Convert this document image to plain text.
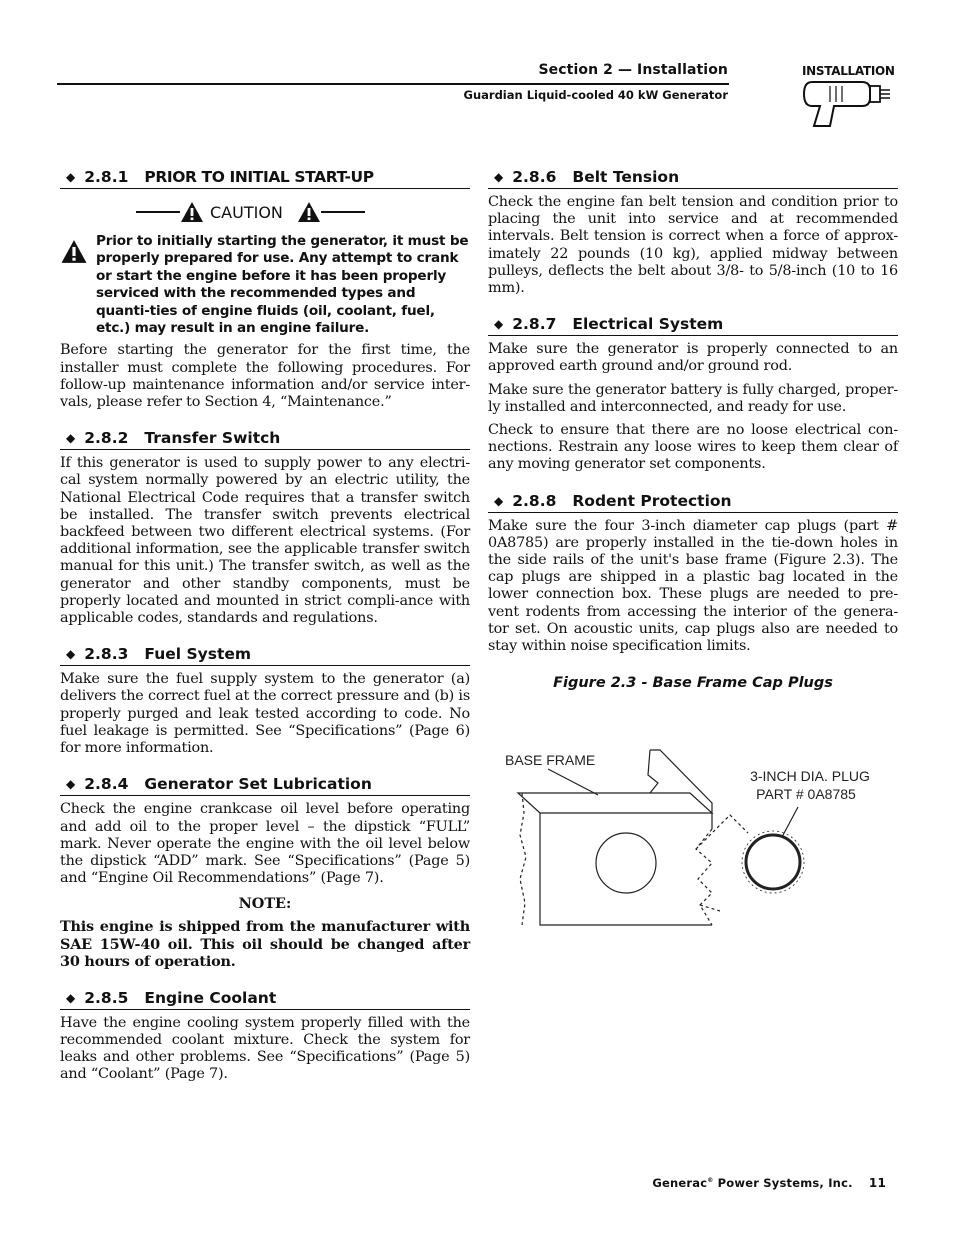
Section 2 — Installation
Guardian Liquid-cooled 40 kW Generator
INSTALLATION
◆ 2.8.1 PRIOR TO INITIAL START-UP
CAUTION

Prior to initially starting the generator, it must be properly prepared for use. Any attempt to crank or start the engine before it has been properly serviced with the recommended types and quanti-ties of engine fluids (oil, coolant, fuel, etc.) may result in an engine failure.

Before starting the generator for the first time, the installer must complete the following procedures. For follow-up maintenance information and/or service inter-vals, please refer to Section 4, “Maintenance.”

◆ 2.8.2 Transfer Switch

If this generator is used to supply power to any electri-cal system normally powered by an electric utility, the National Electrical Code requires that a transfer switch be installed. The transfer switch prevents electrical backfeed between two different electrical systems. (For additional information, see the applicable transfer switch manual for this unit.) The transfer switch, as well as the generator and other standby components, must be properly located and mounted in strict compli-ance with applicable codes, standards and regulations.

◆ 2.8.3 Fuel System

Make sure the fuel supply system to the generator (a) delivers the correct fuel at the correct pressure and (b) is properly purged and leak tested according to code. No fuel leakage is permitted. See “Specifications” (Page 6) for more information.

◆ 2.8.4 Generator Set Lubrication

Check the engine crankcase oil level before operating and add oil to the proper level – the dipstick “FULL” mark. Never operate the engine with the oil level below the dipstick “ADD” mark. See “Specifications” (Page 5) and “Engine Oil Recommendations” (Page 7).

NOTE:

This engine is shipped from the manufacturer with SAE 15W-40 oil. This oil should be changed after 30 hours of operation.

◆ 2.8.5 Engine Coolant

Have the engine cooling system properly filled with the recommended coolant mixture. Check the system for leaks and other problems. See “Specifications” (Page 5) and “Coolant” (Page 7).

◆ 2.8.6 Belt Tension

Check the engine fan belt tension and condition prior to placing the unit into service and at recommended intervals. Belt tension is correct when a force of approx-imately 22 pounds (10 kg), applied midway between pulleys, deflects the belt about 3/8- to 5/8-inch (10 to 16 mm).

◆ 2.8.7 Electrical System

Make sure the generator is properly connected to an approved earth ground and/or ground rod.

Make sure the generator battery is fully charged, proper-ly installed and interconnected, and ready for use.

Check to ensure that there are no loose electrical con-nections. Restrain any loose wires to keep them clear of any moving generator set components.

◆ 2.8.8 Rodent Protection

Make sure the four 3-inch diameter cap plugs (part # 0A8785) are properly installed in the tie-down holes in the side rails of the unit's base frame (Figure 2.3). The cap plugs are shipped in a plastic bag located in the lower connection box. These plugs are needed to pre-vent rodents from accessing the interior of the genera-tor set. On acoustic units, cap plugs also are needed to stay within noise specification limits.

Figure 2.3 - Base Frame Cap Plugs
BASE FRAME
3-INCH DIA. PLUG
PART # 0A8785
Generac® Power Systems, Inc. 11
